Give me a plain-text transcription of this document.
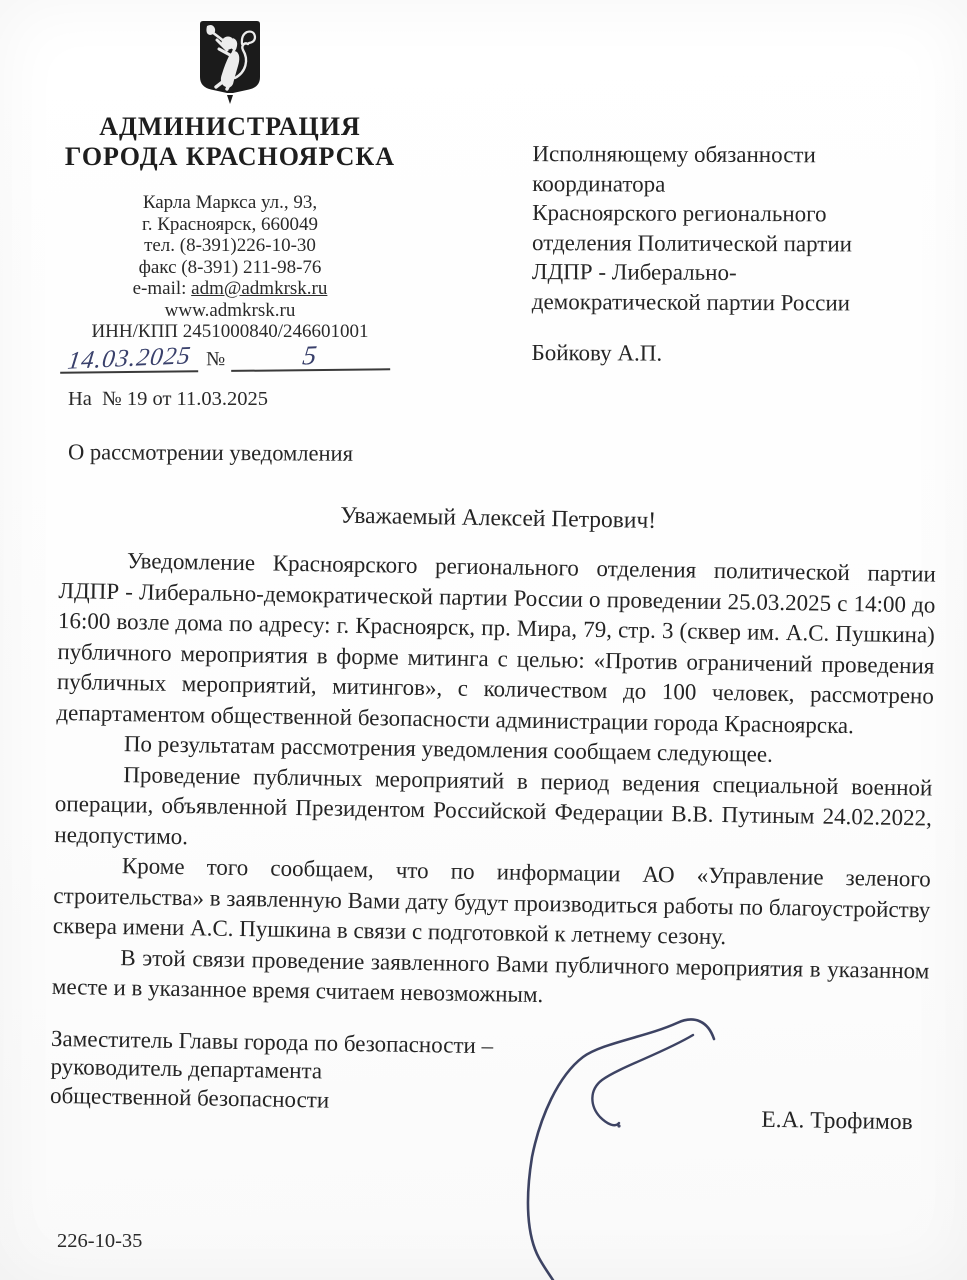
АДМИНИСТРАЦИЯ
ГОРОДА КРАСНОЯРСКА
Карла Маркса ул., 93,
г. Красноярск, 660049
тел. (8-391)226-10-30
факс (8-391) 211-98-76
e-mail: adm@admkrsk.ru
www.admkrsk.ru
ИНН/КПП 2451000840/246601001
14.03.2025 №	5
На  № 19 от 11.03.2025
Исполняющему обязанности
координатора
Красноярского регионального
отделения Политической партии
ЛДПР - Либерально-
демократической партии России
Бойкову А.П.
О рассмотрении уведомления
Уважаемый Алексей Петрович!

Уведомление Красноярского регионального отделения политической партии ЛДПР - Либерально-демократической партии России о проведении 25.03.2025 с 14:00 до 16:00 возле дома по адресу: г. Красноярск, пр. Мира, 79, стр. 3 (сквер им. А.С. Пушкина) публичного мероприятия в форме митинга с целью: «Против ограничений проведения публичных мероприятий, митингов», с количеством до 100 человек, рассмотрено департаментом общественной безопасности администрации города Красноярска.

По результатам рассмотрения уведомления сообщаем следующее.

Проведение публичных мероприятий в период ведения специальной военной операции, объявленной Президентом Российской Федерации В.В. Путиным 24.02.2022, недопустимо.

Кроме того сообщаем, что по информации АО «Управление зеленого строительства» в заявленную Вами дату будут производиться работы по благоустройству сквера имени А.С. Пушкина в связи с подготовкой к летнему сезону.

В этой связи проведение заявленного Вами публичного мероприятия в указанном месте и в указанное время считаем невозможным.

Заместитель Главы города по безопасности –
руководитель департамента
общественной безопасности
Е.А. Трофимов
226-10-35
